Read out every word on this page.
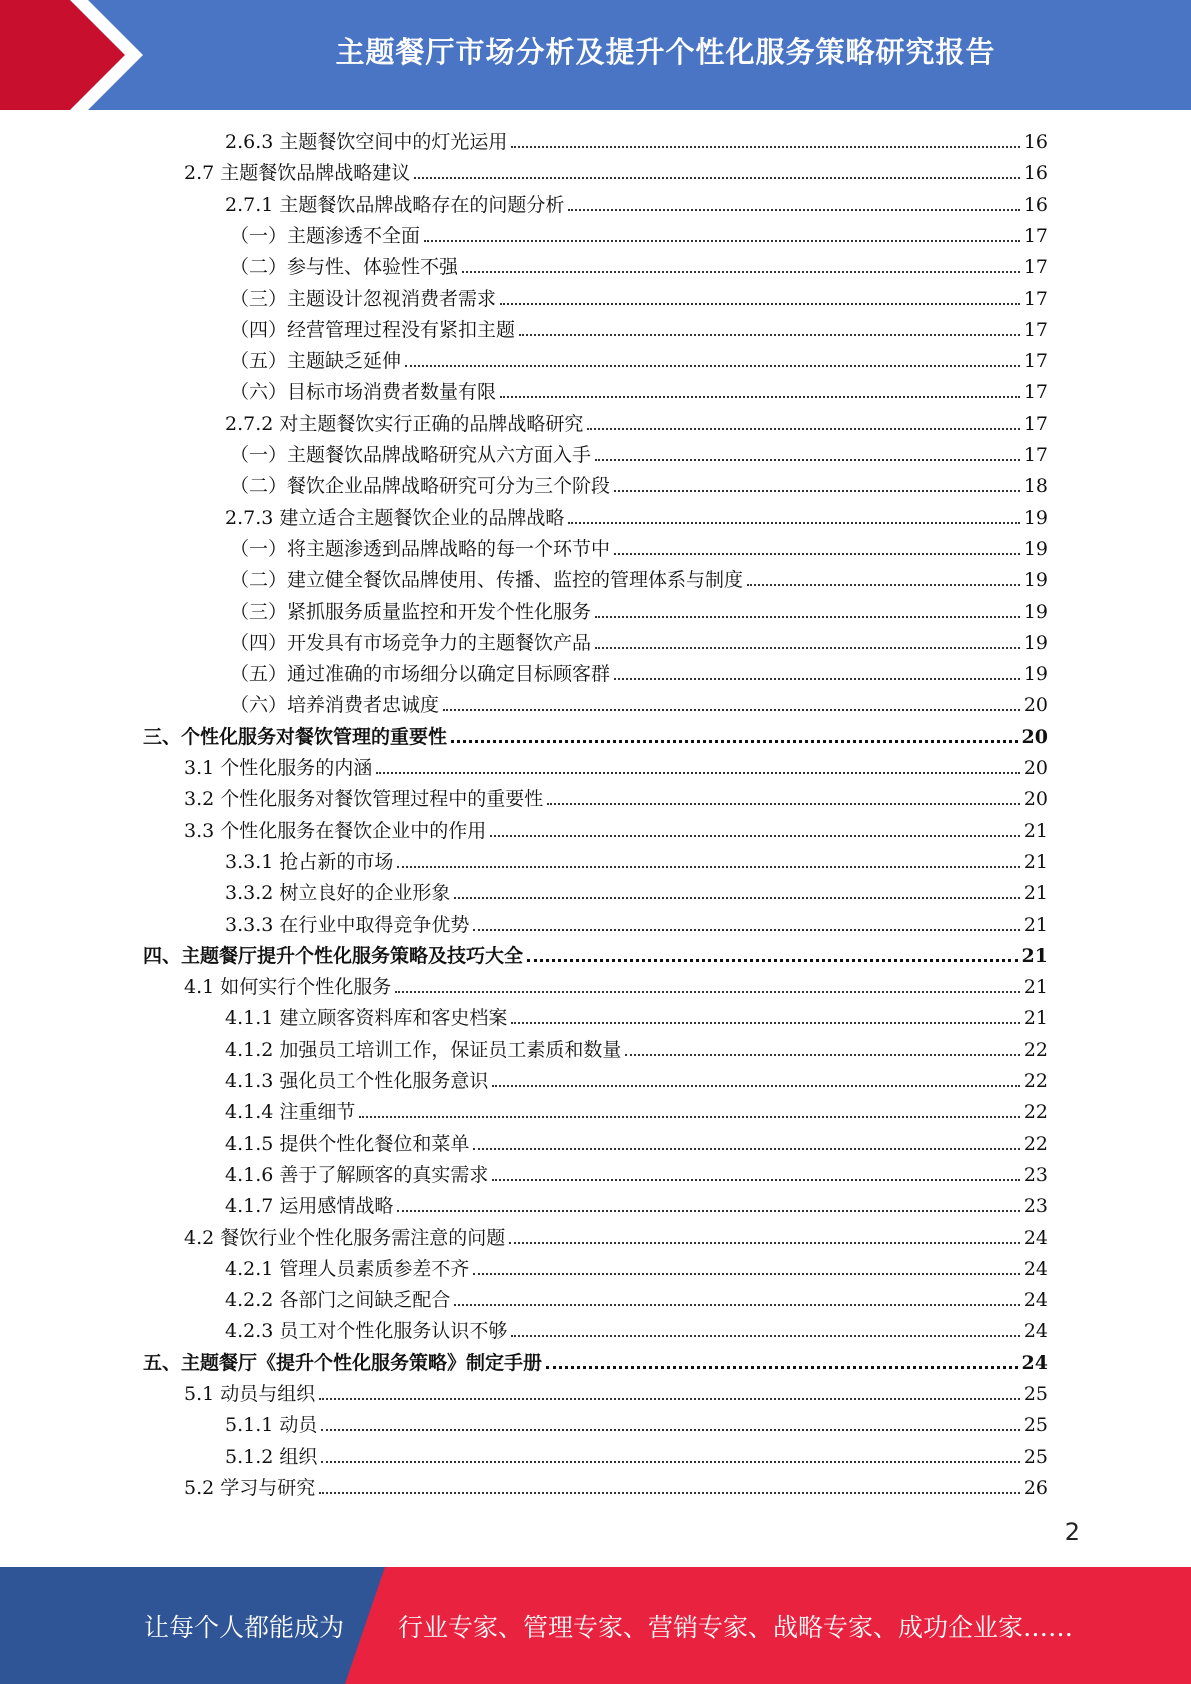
主题餐厅市场分析及提升个性化服务策略研究报告
2.6.3 主题餐饮空间中的灯光运用	16
2.7 主题餐饮品牌战略建议	16
2.7.1 主题餐饮品牌战略存在的问题分析	16
（一）主题渗透不全面	17
（二）参与性、体验性不强	17
（三）主题设计忽视消费者需求	17
（四）经营管理过程没有紧扣主题	17
（五）主题缺乏延伸	17
（六）目标市场消费者数量有限	17
2.7.2 对主题餐饮实行正确的品牌战略研究	17
（一）主题餐饮品牌战略研究从六方面入手	17
（二）餐饮企业品牌战略研究可分为三个阶段	18
2.7.3 建立适合主题餐饮企业的品牌战略	19
（一）将主题渗透到品牌战略的每一个环节中	19
（二）建立健全餐饮品牌使用、传播、监控的管理体系与制度	19
（三）紧抓服务质量监控和开发个性化服务	19
（四）开发具有市场竞争力的主题餐饮产品	19
（五）通过准确的市场细分以确定目标顾客群	19
（六）培养消费者忠诚度	20
三、个性化服务对餐饮管理的重要性	20
3.1 个性化服务的内涵	20
3.2 个性化服务对餐饮管理过程中的重要性	20
3.3 个性化服务在餐饮企业中的作用	21
3.3.1 抢占新的市场	21
3.3.2 树立良好的企业形象	21
3.3.3 在行业中取得竞争优势	21
四、主题餐厅提升个性化服务策略及技巧大全	21
4.1 如何实行个性化服务	21
4.1.1 建立顾客资料库和客史档案	21
4.1.2 加强员工培训工作，保证员工素质和数量	22
4.1.3 强化员工个性化服务意识	22
4.1.4 注重细节	22
4.1.5 提供个性化餐位和菜单	22
4.1.6 善于了解顾客的真实需求	23
4.1.7 运用感情战略	23
4.2 餐饮行业个性化服务需注意的问题	24
4.2.1 管理人员素质参差不齐	24
4.2.2 各部门之间缺乏配合	24
4.2.3 员工对个性化服务认识不够	24
五、主题餐厅《提升个性化服务策略》制定手册	24
5.1 动员与组织	25
5.1.1 动员	25
5.1.2 组织	25
5.2 学习与研究	26
2
让每个人都能成为 行业专家、管理专家、营销专家、战略专家、成功企业家……
